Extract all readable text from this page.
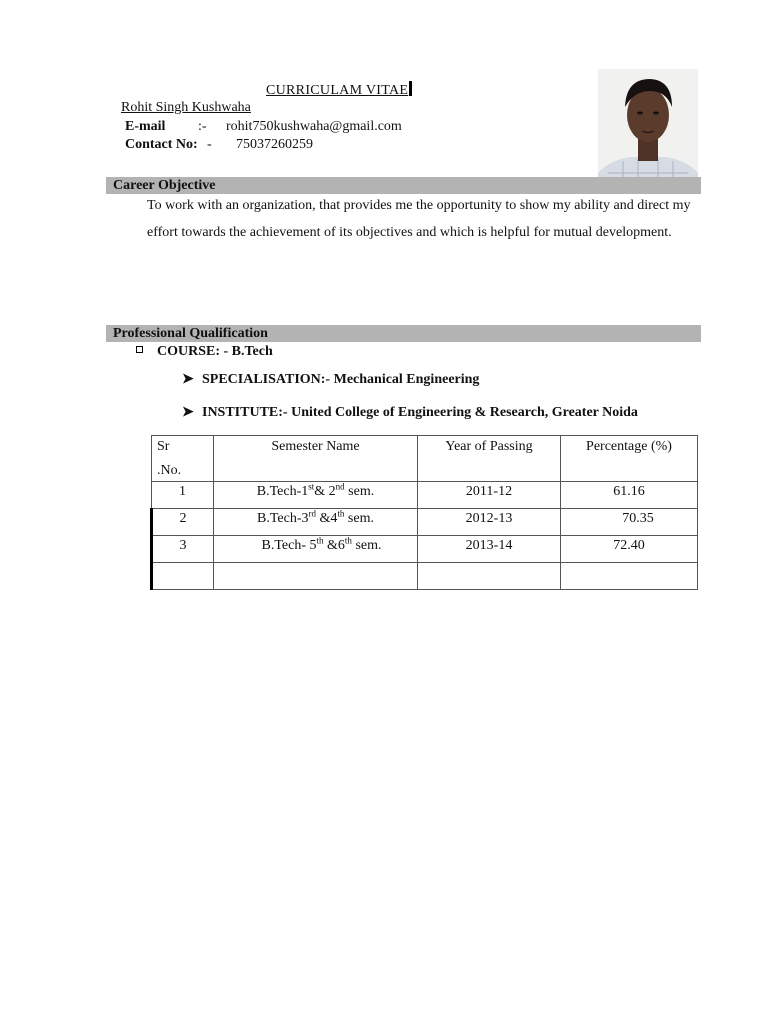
CURRICULAM VITAE
Rohit Singh Kushwaha
E-mail :- rohit750kushwaha@gmail.com
Contact No: - 75037260259
Career Objective
To work with an organization, that provides me the opportunity to show my ability and direct my effort towards the achievement of its objectives and which is helpful for mutual development.
Professional Qualification
COURSE: - B.Tech
➤ SPECIALISATION:- Mechanical Engineering
➤ INSTITUTE:- United College of Engineering & Research, Greater Noida
Sr
.No.	Semester Name	Year of Passing	Percentage (%)

1	B.Tech-1st& 2nd sem.	2011-12	61.16
2	B.Tech-3rd &4th sem.	2012-13	70.35
3	B.Tech- 5th &6th sem.	2013-14	72.40
